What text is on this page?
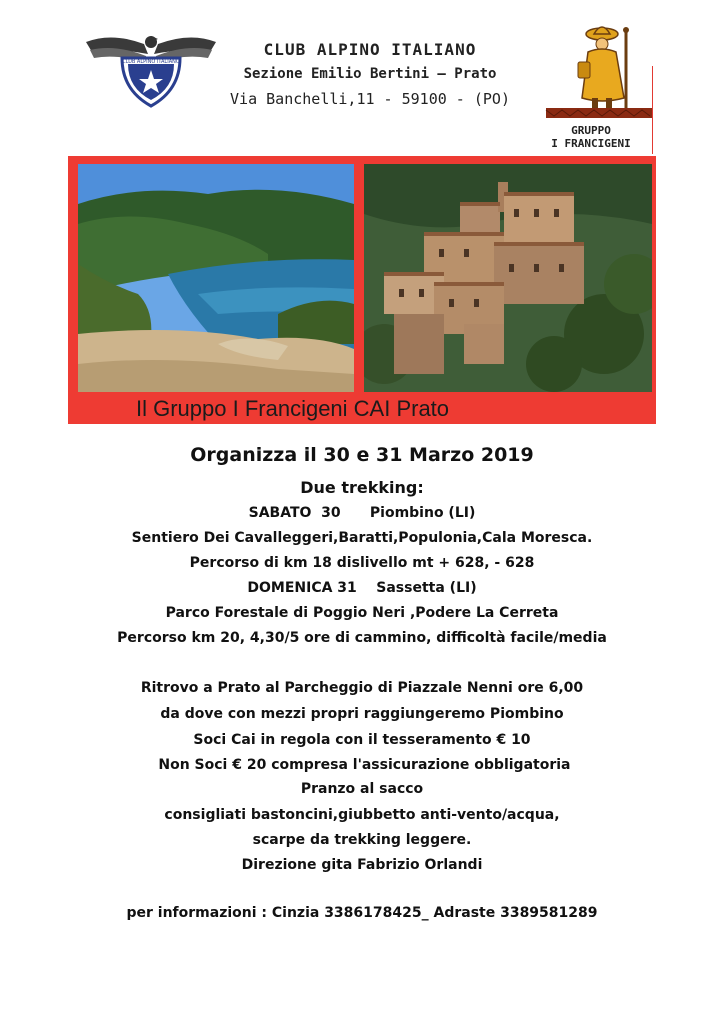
CLUB ALPINO ITALIANO
CLUB ALPINO ITALIANO
Sezione Emilio Bertini – Prato
Via Banchelli,11 - 59100 - (PO)
GRUPPO
I FRANCIGENI
Il Gruppo I Francigeni CAI Prato
Organizza il 30 e 31 Marzo 2019
Due trekking:
SABATO  30      Piombino (LI)
Sentiero Dei Cavalleggeri,Baratti,Populonia,Cala Moresca.
Percorso di km 18 dislivello mt + 628, - 628
DOMENICA 31    Sassetta (LI)
Parco Forestale di Poggio Neri ,Podere La Cerreta
Percorso km 20, 4,30/5 ore di cammino, difficoltà facile/media
Ritrovo a Prato al Parcheggio di Piazzale Nenni ore 6,00
da dove con mezzi propri raggiungeremo Piombino
Soci Cai in regola con il tesseramento € 10
Non Soci € 20 compresa l'assicurazione obbligatoria
Pranzo al sacco
consigliati bastoncini,giubbetto anti-vento/acqua,
scarpe da trekking leggere.
Direzione gita Fabrizio Orlandi
per informazioni : Cinzia 3386178425_ Adraste 3389581289
